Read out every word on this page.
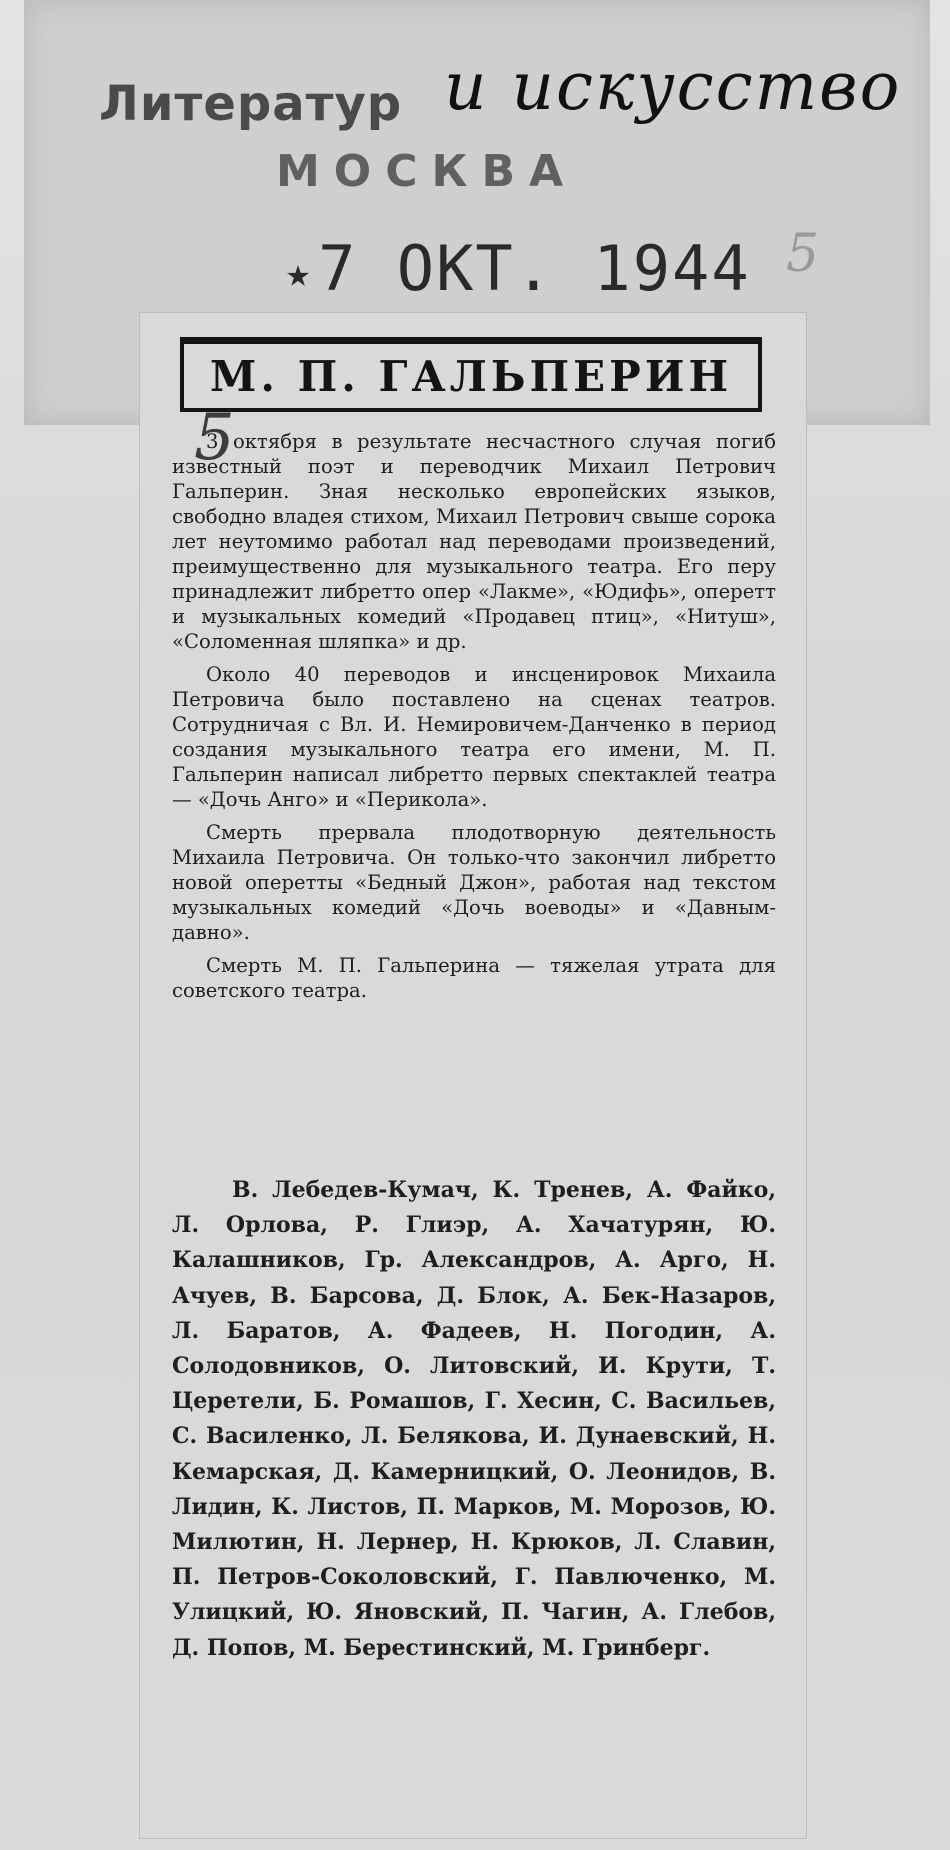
Литератур и искусство
МОСКВА
★7 ОКТ. 1944 5
М. П. ГАЛЬПЕРИН
5

3 октября в результате несчастного случая погиб известный поэт и переводчик Михаил Петрович Гальперин. Зная несколько европейских языков, свободно владея стихом, Михаил Петрович свыше сорока лет неутомимо работал над переводами произведений, преимущественно для музыкального театра. Его перу принадлежит либретто опер «Лакме», «Юдифь», оперетт и музыкальных комедий «Продавец птиц», «Нитуш», «Соломенная шляпка» и др.

Около 40 переводов и инсценировок Михаила Петровича было поставлено на сценах театров. Сотрудничая с Вл. И. Немировичем-Данченко в период создания музыкального театра его имени, М. П. Гальперин написал либретто первых спектаклей театра — «Дочь Анго» и «Перикола».

Смерть прервала плодотворную деятельность Михаила Петровича. Он только-что закончил либретто новой оперетты «Бедный Джон», работая над текстом музыкальных комедий «Дочь воеводы» и «Давным-давно».

Смерть М. П. Гальперина — тяжелая утрата для советского театра.

В. Лебедев-Кумач, К. Тренев, А. Файко, Л. Орлова, Р. Глиэр, А. Хачатурян, Ю. Калашников, Гр. Александров, А. Арго, Н. Ачуев, В. Барсова, Д. Блок, А. Бек-Назаров, Л. Баратов, А. Фадеев, Н. Погодин, А. Солодовников, О. Литовский, И. Крути, Т. Церетели, Б. Ромашов, Г. Хесин, С. Васильев, С. Василенко, Л. Белякова, И. Дунаевский, Н. Кемарская, Д. Камерницкий, О. Леонидов, В. Лидин, К. Листов, П. Марков, М. Морозов, Ю. Милютин, Н. Лернер, Н. Крюков, Л. Славин, П. Петров-Соколовский, Г. Павлюченко, М. Улицкий, Ю. Яновский, П. Чагин, А. Глебов, Д. Попов, М. Берестинский, М. Гринберг.
